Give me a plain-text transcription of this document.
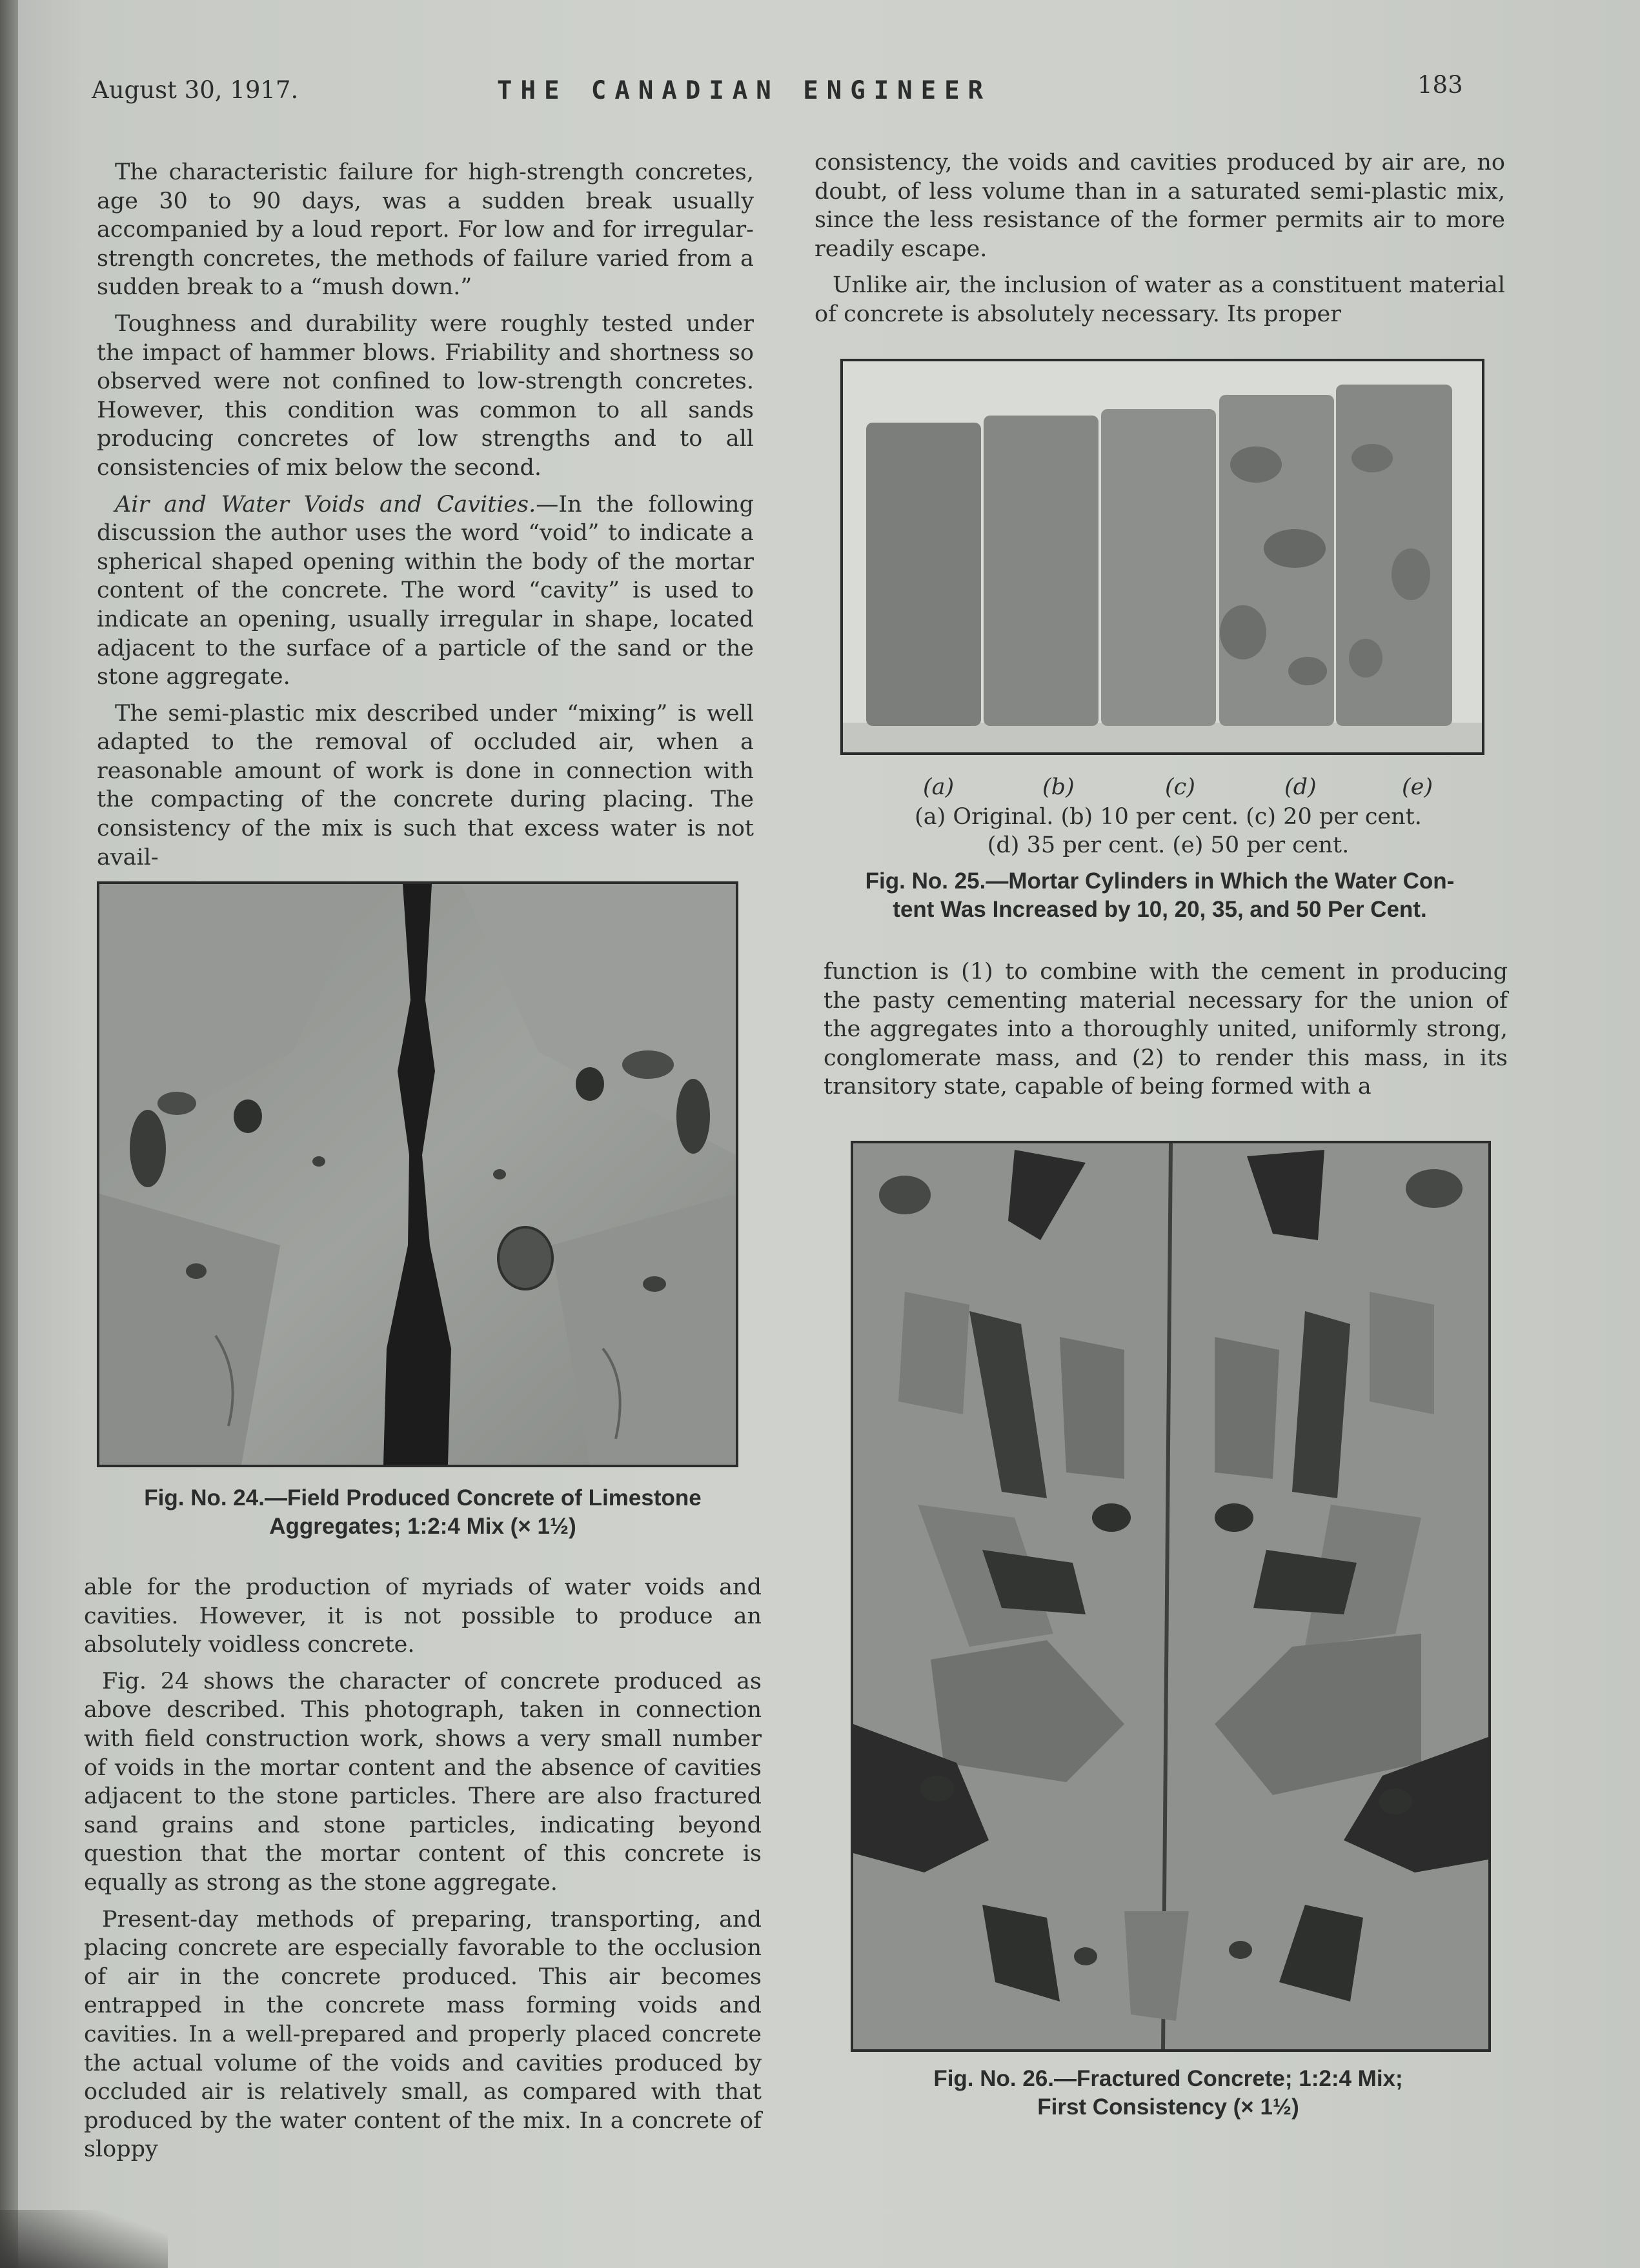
August 30, 1917.	THE CANADIAN ENGINEER	183

The characteristic failure for high-strength concretes, age 30 to 90 days, was a sudden break usually accompanied by a loud report. For low and for irregular-strength concretes, the methods of failure varied from a sudden break to a “mush down.”

Toughness and durability were roughly tested under the impact of hammer blows. Friability and shortness so observed were not confined to low-strength concretes. However, this condition was common to all sands producing concretes of low strengths and to all consistencies of mix below the second.

Air and Water Voids and Cavities.—In the following discussion the author uses the word “void” to indicate a spherical shaped opening within the body of the mortar content of the concrete. The word “cavity” is used to indicate an opening, usually irregular in shape, located adjacent to the surface of a particle of the sand or the stone aggregate.

The semi-plastic mix described under “mixing” is well adapted to the removal of occluded air, when a reasonable amount of work is done in connection with the compacting of the concrete during placing. The consistency of the mix is such that excess water is not avail-

Fig. No. 24.—Field Produced Concrete of Limestone
Aggregates; 1:2:4 Mix (× 1½)

able for the production of myriads of water voids and cavities. However, it is not possible to produce an absolutely voidless concrete.

Fig. 24 shows the character of concrete produced as above described. This photograph, taken in connection with field construction work, shows a very small number of voids in the mortar content and the absence of cavities adjacent to the stone particles. There are also fractured sand grains and stone particles, indicating beyond question that the mortar content of this concrete is equally as strong as the stone aggregate.

Present-day methods of preparing, transporting, and placing concrete are especially favorable to the occlusion of air in the concrete produced. This air becomes entrapped in the concrete mass forming voids and cavities. In a well-prepared and properly placed concrete the actual volume of the voids and cavities produced by occluded air is relatively small, as compared with that produced by the water content of the mix. In a concrete of sloppy

consistency, the voids and cavities produced by air are, no doubt, of less volume than in a saturated semi-plastic mix, since the less resistance of the former permits air to more readily escape.

Unlike air, the inclusion of water as a constituent material of concrete is absolutely necessary. Its proper

(a)	(b)	(c)	(d)	(e)
(a) Original. (b) 10 per cent. (c) 20 per cent.
(d) 35 per cent. (e) 50 per cent.
Fig. No. 25.—Mortar Cylinders in Which the Water Con-
tent Was Increased by 10, 20, 35, and 50 Per Cent.

function is (1) to combine with the cement in producing the pasty cementing material necessary for the union of the aggregates into a thoroughly united, uniformly strong, conglomerate mass, and (2) to render this mass, in its transitory state, capable of being formed with a

Fig. No. 26.—Fractured Concrete; 1:2:4 Mix;
First Consistency (× 1½)
